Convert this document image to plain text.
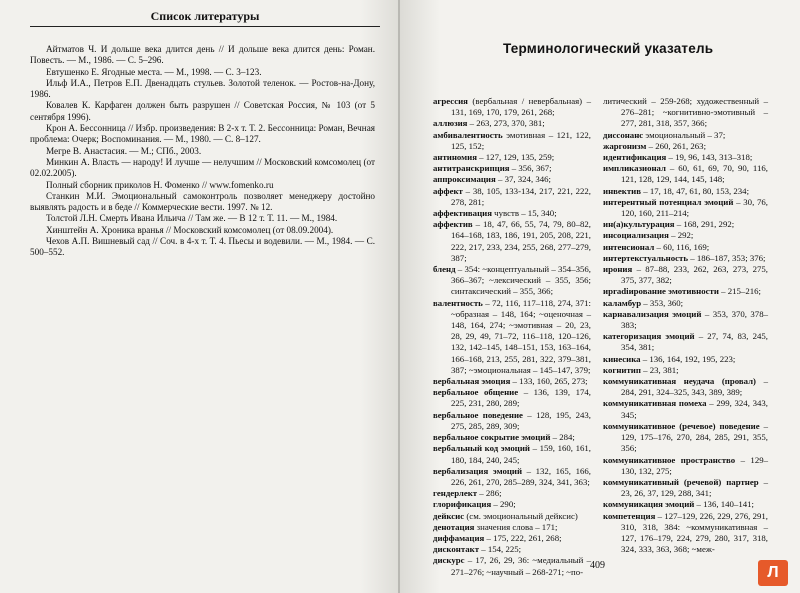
Список литературы

Айтматов Ч. И дольше века длится день // И дольше века длится день: Роман. Повесть. — М., 1986. — С. 5–296.

Евтушенко Е. Ягодные места. — М., 1998. — С. 3–123.

Ильф И.А., Петров Е.П. Двенадцать стульев. Золотой теленок. — Ростов-на-Дону, 1986.

Ковалев К. Карфаген должен быть разрушен // Советская Россия, № 103 (от 5 сентября 1996).

Крон А. Бессонница // Избр. произведения: В 2-х т. Т. 2. Бессонница: Роман, Вечная проблема: Очерк; Воспоминания. — М., 1980. — С. 8–127.

Мегре В. Анастасия. — М.; СПб., 2003.

Минкин А. Власть — народу! И лучше — нелучшим // Московский комсомолец (от 02.02.2005).

Полный сборник приколов Н. Фоменко // www.fomenko.ru

Станкин М.И. Эмоциональный самоконтроль позволяет менеджеру достойно выявлять радость и в беде // Коммерческие вести. 1997. № 12.

Толстой Л.Н. Смерть Ивана Ильича // Там же. — В 12 т. Т. 11. — М., 1984.

Хинштейн А. Хроника вранья // Московский комсомолец (от 08.09.2004).

Чехов А.П. Вишневый сад // Соч. в 4-х т. Т. 4. Пьесы и водевили. — М., 1984. — С. 500–552.

Терминологический указатель

агрессия (вербальная / невербальная) – 131, 169, 170, 179, 261, 268;

аллюзия – 263, 273, 370, 381;

амбивалентность эмотивная – 121, 122, 125, 152;

антиномия – 127, 129, 135, 259;

антитранскрипция – 356, 367;

аппроксимация – 37, 324, 346;

аффект – 38, 105, 133-134, 217, 221, 222, 278, 281;

аффективация чувств – 15, 340;

аффектив – 18, 47, 66, 55, 74, 79, 80–82, 164–168, 183, 186, 191, 205, 208, 221, 222, 217, 233, 234, 255, 268, 277–279, 387;

бленд – 354: ~концептуальный – 354–356, 366–367; ~лексический – 355, 356; синтаксический – 355, 366;

валентность – 72, 116, 117–118, 274, 371: ~образная – 148, 164; ~оценочная – 148, 164, 274; ~эмотивная – 20, 23, 28, 29, 49, 71–72, 116–118, 120–126, 132, 142–145, 148–151, 153, 163–164, 166–168, 213, 255, 281, 322, 379–381, 387; ~эмоциональная – 145–147, 379;

вербальная эмоция – 133, 160, 265, 273;

вербальное общение – 136, 139, 174, 225, 231, 280, 289;

вербальное поведение – 128, 195, 243, 275, 285, 289, 309;

вербальное сокрытие эмоций – 284;

вербальный код эмоций – 159, 160, 161, 180, 184, 240, 245;

вербализация эмоций – 132, 165, 166, 226, 261, 270, 285–289, 324, 341, 363;

гендерлект – 286;

глорификация – 290;

дейксис (см. эмоциональный дейксис)

денотация значения слова – 171;

диффамация – 175, 222, 261, 268;

дисконтакт – 154, 225;

дискурс – 17, 26, 29, 36: ~медиальный – 271–276; ~научный – 268-271; ~по-

литический – 259-268; художественный – 276–281; ~когнитивно-эмотивный – 277, 281, 318, 357, 366;

диссонанс эмоциональный – 37;

жаргонизм – 260, 261, 263;

идентификация – 19, 96, 143, 313–318;

импликазионал – 60, 61, 69, 70, 90, 116, 121, 128, 129, 144, 145, 148;

инвектив – 17, 18, 47, 61, 80, 153, 234;

интерентный потенциал эмоций – 30, 76, 120, 160, 211–214;

ин(а)культурация – 168, 291, 292;

инсоциализация – 292;

интенсионал – 60, 116, 169;

интертекстуальность – 186–187, 353; 376;

ирония – 87–88, 233, 262, 263, 273, 275, 375, 377, 382;

ирradiирование эмотивности – 215–216;

каламбур – 353, 360;

карнавализация эмоций – 353, 370, 378–383;

категоризация эмоций – 27, 74, 83, 245, 354, 381;

кинесика – 136, 164, 192, 195, 223;

когнитип – 23, 381;

коммуникативная неудача (провал) – 284, 291, 324–325, 343, 389, 389;

коммуникативная помеха – 299, 324, 343, 345;

коммуникативное (речевое) поведение – 129, 175–176, 270, 284, 285, 291, 355, 356;

коммуникативное пространство – 129–130, 132, 275;

коммуникативный (речевой) партнер – 23, 26, 37, 129, 288, 341;

коммуникация эмоций – 136, 140–141;

компетенция – 127–129, 226, 229, 276, 291, 310, 318, 384: ~коммуникативная – 127, 176–179, 224, 279, 280, 317, 318, 324, 333, 363, 368; ~меж-

409	Л
